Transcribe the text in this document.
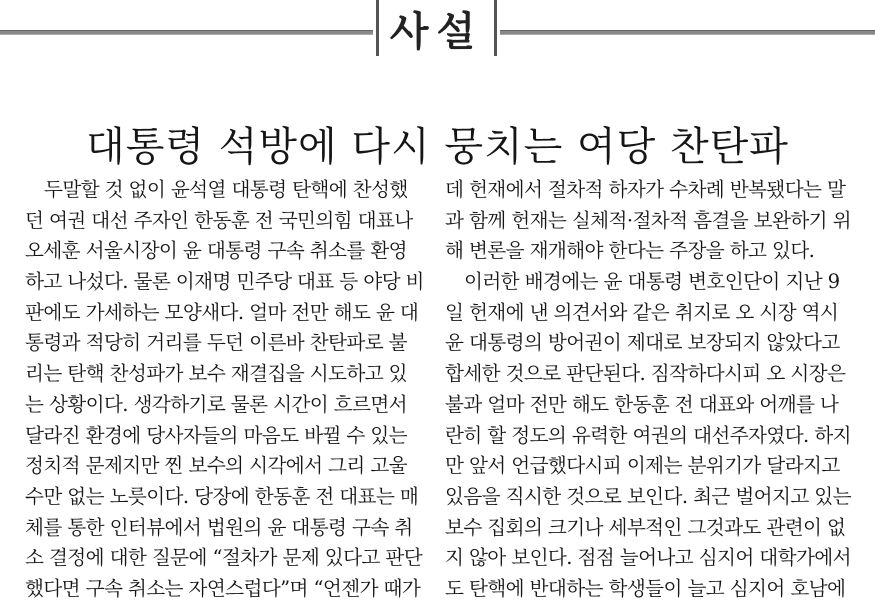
사설
대통령 석방에 다시 뭉치는 여당 찬탄파
　두말할 것 없이 윤석열 대통령 탄핵에 찬성했
던 여권 대선 주자인 한동훈 전 국민의힘 대표나
오세훈 서울시장이 윤 대통령 구속 취소를 환영
하고 나섰다. 물론 이재명 민주당 대표 등 야당 비
판에도 가세하는 모양새다. 얼마 전만 해도 윤 대
통령과 적당히 거리를 두던 이른바 찬탄파로 불
리는 탄핵 찬성파가 보수 재결집을 시도하고 있
는 상황이다. 생각하기로 물론 시간이 흐르면서
달라진 환경에 당사자들의 마음도 바뀔 수 있는
정치적 문제지만 찐 보수의 시각에서 그리 고울
수만 없는 노릇이다. 당장에 한동훈 전 대표는 매
체를 통한 인터뷰에서 법원의 윤 대통령 구속 취
소 결정에 대한 질문에 “절차가 문제 있다고 판단
했다면 구속 취소는 자연스럽다”며 “언젠가 때가
데 헌재에서 절차적 하자가 수차례 반복됐다는 말
과 함께 헌재는 실체적·절차적 흠결을 보완하기 위
해 변론을 재개해야 한다는 주장을 하고 있다.
　이러한 배경에는 윤 대통령 변호인단이 지난 9
일 헌재에 낸 의견서와 같은 취지로 오 시장 역시
윤 대통령의 방어권이 제대로 보장되지 않았다고
합세한 것으로 판단된다. 짐작하다시피 오 시장은
불과 얼마 전만 해도 한동훈 전 대표와 어깨를 나
란히 할 정도의 유력한 여권의 대선주자였다. 하지
만 앞서 언급했다시피 이제는 분위기가 달라지고
있음을 직시한 것으로 보인다. 최근 벌어지고 있는
보수 집회의 크기나 세부적인 그것과도 관련이 없
지 않아 보인다. 점점 늘어나고 심지어 대학가에서
도 탄핵에 반대하는 학생들이 늘고 심지어 호남에
